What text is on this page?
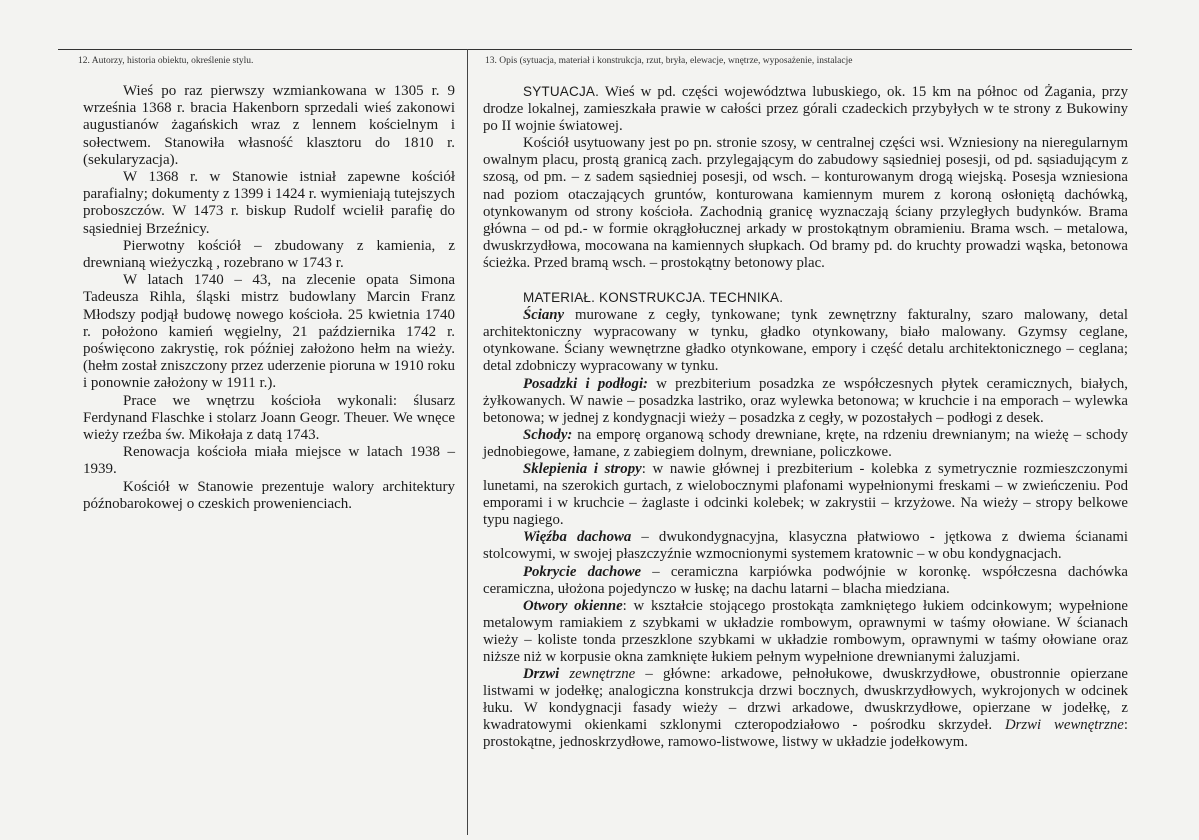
12. Autorzy, historia obiektu, określenie stylu.	13. Opis (sytuacja, materiał i konstrukcja, rzut, bryła, elewacje, wnętrze, wyposażenie, instalacje

Wieś po raz pierwszy wzmiankowana w 1305 r. 9 września 1368 r. bracia Hakenborn sprzedali wieś zakonowi augustianów żagańskich wraz z lennem kościelnym i sołectwem. Stanowiła własność klasztoru do 1810 r. (sekularyzacja).

W 1368 r. w Stanowie istniał zapewne kościół parafialny; dokumenty z 1399 i 1424 r. wymieniają tutejszych proboszczów. W 1473 r. biskup Rudolf wcielił parafię do sąsiedniej Brzeźnicy.

Pierwotny kościół – zbudowany z kamienia, z drewnianą wieżyczką , rozebrano w 1743 r.

W latach 1740 – 43, na zlecenie opata Simona Tadeusza Rihla, śląski mistrz budowlany Marcin Franz Młodszy podjął budowę nowego kościoła. 25 kwietnia 1740 r. położono kamień węgielny, 21 października 1742 r. poświęcono zakrystię, rok później założono hełm na wieży. (hełm został zniszczony przez uderzenie pioruna w 1910 roku i ponownie założony w 1911 r.).

Prace we wnętrzu kościoła wykonali: ślusarz Ferdynand Flaschke i stolarz Joann Geogr. Theuer. We wnęce wieży rzeźba św. Mikołaja z datą 1743.

Renowacja kościoła miała miejsce w latach 1938 – 1939.

Kościół w Stanowie prezentuje walory architektury późnobarokowej o czeskich prowenienciach.

SYTUACJA. Wieś w pd. części województwa lubuskiego, ok. 15 km na północ od Żagania, przy drodze lokalnej, zamieszkała prawie w całości przez górali czadeckich przybyłych w te strony z Bukowiny po II wojnie światowej.

Kościół usytuowany jest po pn. stronie szosy, w centralnej części wsi. Wzniesiony na nieregularnym owalnym placu, prostą granicą zach. przylegającym do zabudowy sąsiedniej posesji, od pd. sąsiadującym z szosą, od pm. – z sadem sąsiedniej posesji, od wsch. – konturowanym drogą wiejską. Posesja wzniesiona nad poziom otaczających gruntów, konturowana kamiennym murem z koroną osłoniętą dachówką, otynkowanym od strony kościoła. Zachodnią granicę wyznaczają ściany przyległych budynków. Brama główna – od pd.- w formie okrągłołucznej arkady w prostokątnym obramieniu. Brama wsch. – metalowa, dwuskrzydłowa, mocowana na kamiennych słupkach. Od bramy pd. do kruchty prowadzi wąska, betonowa ścieżka. Przed bramą wsch. – prostokątny betonowy plac.

MATERIAŁ. KONSTRUKCJA. TECHNIKA.

Ściany murowane z cegły, tynkowane; tynk zewnętrzny fakturalny, szaro malowany, detal architektoniczny wypracowany w tynku, gładko otynkowany, biało malowany. Gzymsy ceglane, otynkowane. Ściany wewnętrzne gładko otynkowane, empory i część detalu architektonicznego – ceglana; detal zdobniczy wypracowany w tynku.

Posadzki i podłogi: w prezbiterium posadzka ze współczesnych płytek ceramicznych, białych, żyłkowanych. W nawie – posadzka lastriko, oraz wylewka betonowa; w kruchcie i na emporach – wylewka betonowa; w jednej z kondygnacji wieży – posadzka z cegły, w pozostałych – podłogi z desek.

Schody: na emporę organową schody drewniane, kręte, na rdzeniu drewnianym; na wieżę – schody jednobiegowe, łamane, z zabiegiem dolnym, drewniane, policzkowe.

Sklepienia i stropy: w nawie głównej i prezbiterium - kolebka z symetrycznie rozmieszczonymi lunetami, na szerokich gurtach, z wielobocznymi plafonami wypełnionymi freskami – w zwieńczeniu. Pod emporami i w kruchcie – żaglaste i odcinki kolebek; w zakrystii – krzyżowe. Na wieży – stropy belkowe typu nagiego.

Więźba dachowa – dwukondygnacyjna, klasyczna płatwiowo - jętkowa z dwiema ścianami stolcowymi, w swojej płaszczyźnie wzmocnionymi systemem kratownic – w obu kondygnacjach.

Pokrycie dachowe – ceramiczna karpiówka podwójnie w koronkę. współczesna dachówka ceramiczna, ułożona pojedynczo w łuskę; na dachu latarni – blacha miedziana.

Otwory okienne: w kształcie stojącego prostokąta zamkniętego łukiem odcinkowym; wypełnione metalowym ramiakiem z szybkami w układzie rombowym, oprawnymi w taśmy ołowiane. W ścianach wieży – koliste tonda przeszklone szybkami w układzie rombowym, oprawnymi w taśmy ołowiane oraz niższe niż w korpusie okna zamknięte łukiem pełnym wypełnione drewnianymi żaluzjami.

Drzwi zewnętrzne – główne: arkadowe, pełnołukowe, dwuskrzydłowe, obustronnie opierzane listwami w jodełkę; analogiczna konstrukcja drzwi bocznych, dwuskrzydłowych, wykrojonych w odcinek łuku. W kondygnacji fasady wieży – drzwi arkadowe, dwuskrzydłowe, opierzane w jodełkę, z kwadratowymi okienkami szklonymi czteropodziałowo - pośrodku skrzydeł. Drzwi wewnętrzne: prostokątne, jednoskrzydłowe, ramowo-listwowe, listwy w układzie jodełkowym.
